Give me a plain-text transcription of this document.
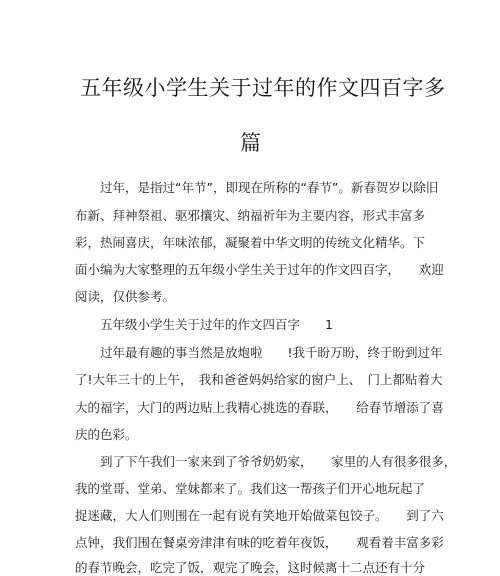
五年级小学生关于过年的作文四百字多
篇
过年，是指过“年节”，即现在所称的“春节”。新春贺岁以除旧
布新、拜神祭祖、驱邪攘灾、纳福祈年为主要内容，形式丰富多
彩，热闹喜庆，年味浓郁，凝聚着中华文明的传统文化精华。下
面小编为大家整理的五年级小学生关于过年的作文四百字，　　欢迎
阅读，仅供参考。
五年级小学生关于过年的作文四百字　　1
过年最有趣的事当然是放炮啦　　!我千盼万盼，终于盼到过年
了!大年三十的上午，　我和爸爸妈妈给家的窗户上、　门上都贴着大
大的福字，大门的两边贴上我精心挑选的春联，　　给春节增添了喜
庆的色彩。
到了下午我们一家来到了爷爷奶奶家，　　家里的人有很多很多，
我的堂哥、堂弟、堂妹都来了。我们这一帮孩子们开心地玩起了
捉迷藏，大人们则围在一起有说有笑地开始做菜包饺子。　　到了六
点钟，我们围在餐桌旁津津有味的吃着年夜饭，　　观看着丰富多彩
的春节晚会，吃完了饭，观完了晚会，这时候离十二点还有十分
